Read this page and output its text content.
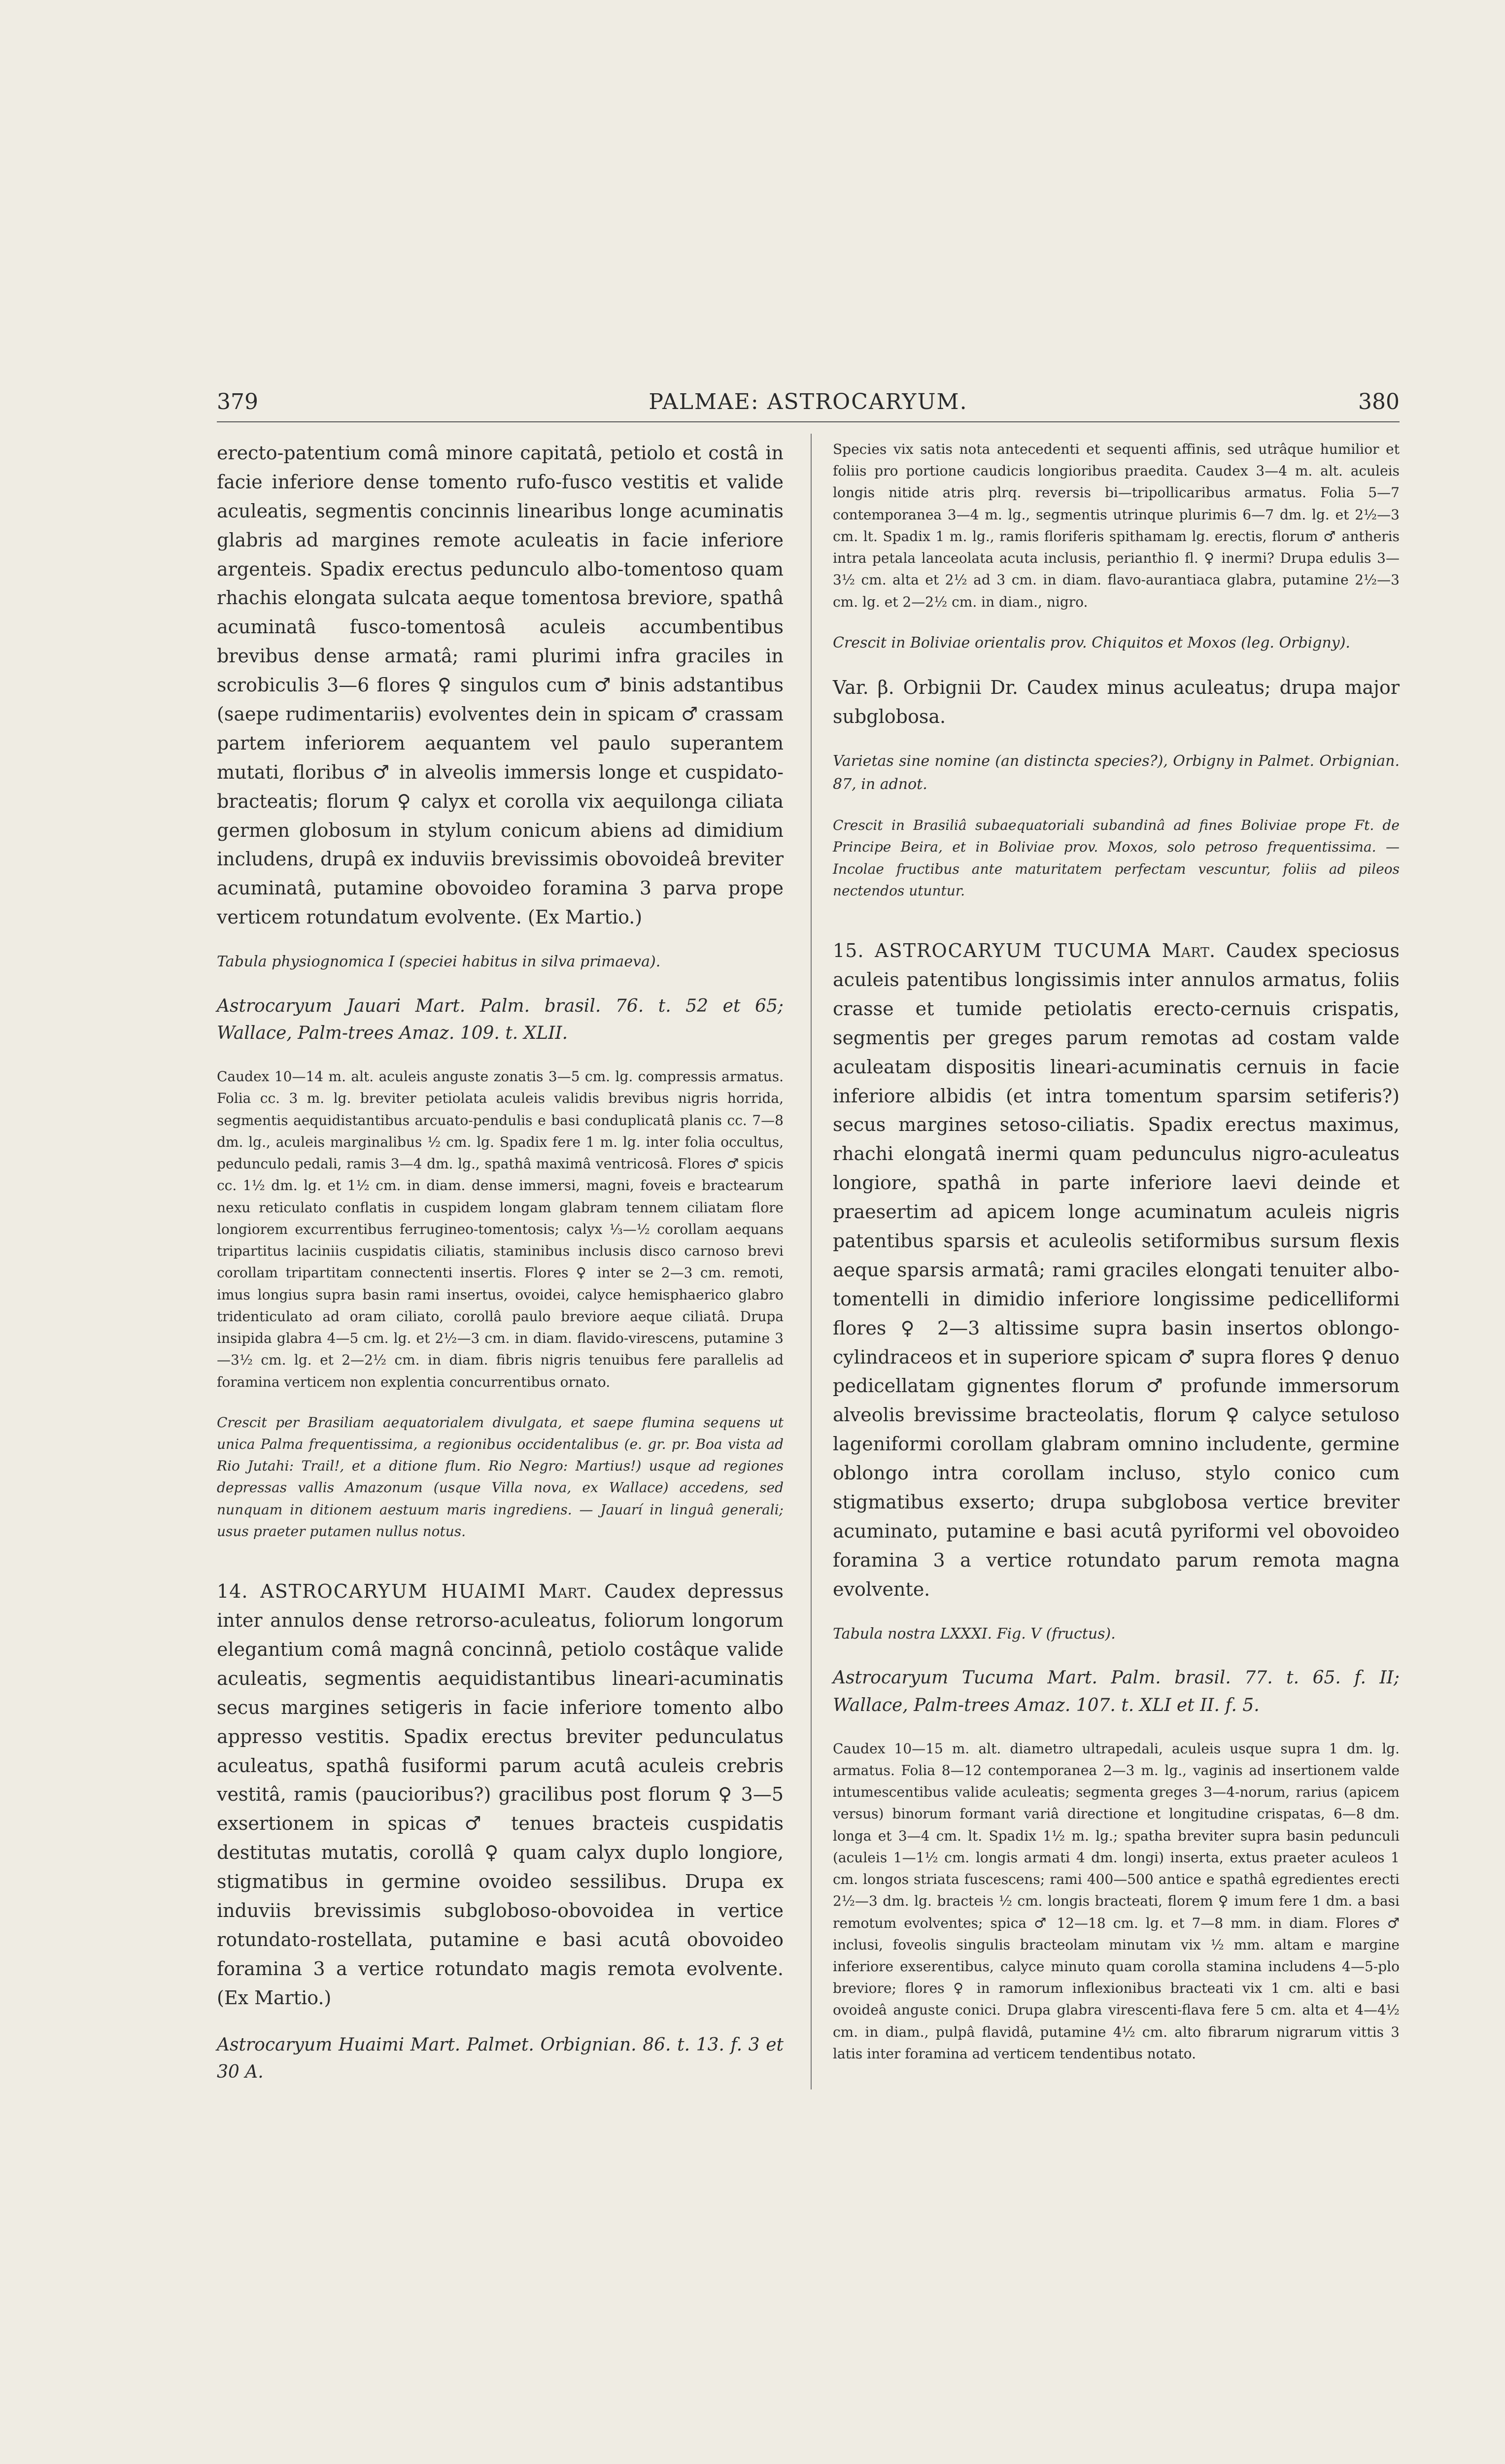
379	PALMAE: ASTROCARYUM.	380

erecto-patentium comâ minore capitatâ, petiolo et costâ in facie inferiore dense tomento rufo-fusco vestitis et valide aculeatis, segmentis concinnis linearibus longe acuminatis glabris ad margines remote aculeatis in facie inferiore argenteis. Spadix erectus pedunculo albo-tomentoso quam rhachis elongata sulcata aeque tomentosa breviore, spathâ acuminatâ fusco-tomentosâ aculeis accumbentibus brevibus dense armatâ; rami plurimi infra graciles in scrobiculis 3—6 flores ♀ singulos cum ♂ binis adstantibus (saepe rudimentariis) evolventes dein in spicam ♂ crassam partem inferiorem aequantem vel paulo superantem mutati, floribus ♂ in alveolis immersis longe et cuspidato-bracteatis; florum ♀ calyx et corolla vix aequilonga ciliata germen globosum in stylum conicum abiens ad dimidium includens, drupâ ex induviis brevissimis obovoideâ breviter acuminatâ, putamine obovoideo foramina 3 parva prope verticem rotundatum evolvente. (Ex Martio.)

Tabula physiognomica I (speciei habitus in silva primaeva).

Astrocaryum Jauari Mart. Palm. brasil. 76. t. 52 et 65; Wallace, Palm-trees Amaz. 109. t. XLII.

Caudex 10—14 m. alt. aculeis anguste zonatis 3—5 cm. lg. compressis armatus. Folia cc. 3 m. lg. breviter petiolata aculeis validis brevibus nigris horrida, segmentis aequidistantibus arcuato-pendulis e basi conduplicatâ planis cc. 7—8 dm. lg., aculeis marginalibus ½ cm. lg. Spadix fere 1 m. lg. inter folia occultus, pedunculo pedali, ramis 3—4 dm. lg., spathâ maximâ ventricosâ. Flores ♂ spicis cc. 1½ dm. lg. et 1½ cm. in diam. dense immersi, magni, foveis e bractearum nexu reticulato conflatis in cuspidem longam glabram tennem ciliatam flore longiorem excurrentibus ferrugineo-tomentosis; calyx ⅓—½ corollam aequans tripartitus laciniis cuspidatis ciliatis, staminibus inclusis disco carnoso brevi corollam tripartitam connectenti insertis. Flores ♀ inter se 2—3 cm. remoti, imus longius supra basin rami insertus, ovoidei, calyce hemisphaerico glabro tridenticulato ad oram ciliato, corollâ paulo breviore aeque ciliatâ. Drupa insipida glabra 4—5 cm. lg. et 2½—3 cm. in diam. flavido-virescens, putamine 3—3½ cm. lg. et 2—2½ cm. in diam. fibris nigris tenuibus fere parallelis ad foramina verticem non explentia concurrentibus ornato.

Crescit per Brasiliam aequatorialem divulgata, et saepe flumina sequens ut unica Palma frequentissima, a regionibus occidentalibus (e. gr. pr. Boa vista ad Rio Jutahi: Trail!, et a ditione flum. Rio Negro: Martius!) usque ad regiones depressas vallis Amazonum (usque Villa nova, ex Wallace) accedens, sed nunquam in ditionem aestuum maris ingrediens. — Jauarí in linguâ generali; usus praeter putamen nullus notus.

14. ASTROCARYUM HUAIMI Mart. Caudex depressus inter annulos dense retrorso-aculeatus, foliorum longorum elegantium comâ magnâ concinnâ, petiolo costâque valide aculeatis, segmentis aequidistantibus lineari-acuminatis secus margines setigeris in facie inferiore tomento albo appresso vestitis. Spadix erectus breviter pedunculatus aculeatus, spathâ fusiformi parum acutâ aculeis crebris vestitâ, ramis (paucioribus?) gracilibus post florum ♀ 3—5 exsertionem in spicas ♂ tenues bracteis cuspidatis destitutas mutatis, corollâ ♀ quam calyx duplo longiore, stigmatibus in germine ovoideo sessilibus. Drupa ex induviis brevissimis subgloboso-obovoidea in vertice rotundato-rostellata, putamine e basi acutâ obovoideo foramina 3 a vertice rotundato magis remota evolvente. (Ex Martio.)

Astrocaryum Huaimi Mart. Palmet. Orbignian. 86. t. 13. f. 3 et 30 A.

Species vix satis nota antecedenti et sequenti affinis, sed utrâque humilior et foliis pro portione caudicis longioribus praedita. Caudex 3—4 m. alt. aculeis longis nitide atris plrq. reversis bi—tripollicaribus armatus. Folia 5—7 contemporanea 3—4 m. lg., segmentis utrinque plurimis 6—7 dm. lg. et 2½—3 cm. lt. Spadix 1 m. lg., ramis floriferis spithamam lg. erectis, florum ♂ antheris intra petala lanceolata acuta inclusis, perianthio fl. ♀ inermi? Drupa edulis 3—3½ cm. alta et 2½ ad 3 cm. in diam. flavo-aurantiaca glabra, putamine 2½—3 cm. lg. et 2—2½ cm. in diam., nigro.

Crescit in Boliviae orientalis prov. Chiquitos et Moxos (leg. Orbigny).

Var. β. Orbignii Dr. Caudex minus aculeatus; drupa major subglobosa.

Varietas sine nomine (an distincta species?), Orbigny in Palmet. Orbignian. 87, in adnot.

Crescit in Brasiliâ subaequatoriali subandinâ ad fines Boliviae prope Ft. de Principe Beira, et in Boliviae prov. Moxos, solo petroso frequentissima. — Incolae fructibus ante maturitatem perfectam vescuntur, foliis ad pileos nectendos utuntur.

15. ASTROCARYUM TUCUMA Mart. Caudex speciosus aculeis patentibus longissimis inter annulos armatus, foliis crasse et tumide petiolatis erecto-cernuis crispatis, segmentis per greges parum remotas ad costam valde aculeatam dispositis lineari-acuminatis cernuis in facie inferiore albidis (et intra tomentum sparsim setiferis?) secus margines setoso-ciliatis. Spadix erectus maximus, rhachi elongatâ inermi quam pedunculus nigro-aculeatus longiore, spathâ in parte inferiore laevi deinde et praesertim ad apicem longe acuminatum aculeis nigris patentibus sparsis et aculeolis setiformibus sursum flexis aeque sparsis armatâ; rami graciles elongati tenuiter albo-tomentelli in dimidio inferiore longissime pedicelliformi flores ♀ 2—3 altissime supra basin insertos oblongo-cylindraceos et in superiore spicam ♂ supra flores ♀ denuo pedicellatam gignentes florum ♂ profunde immersorum alveolis brevissime bracteolatis, florum ♀ calyce setuloso lageniformi corollam glabram omnino includente, germine oblongo intra corollam incluso, stylo conico cum stigmatibus exserto; drupa subglobosa vertice breviter acuminato, putamine e basi acutâ pyriformi vel obovoideo foramina 3 a vertice rotundato parum remota magna evolvente.

Tabula nostra LXXXI. Fig. V (fructus).

Astrocaryum Tucuma Mart. Palm. brasil. 77. t. 65. f. II; Wallace, Palm-trees Amaz. 107. t. XLI et II. f. 5.

Caudex 10—15 m. alt. diametro ultrapedali, aculeis usque supra 1 dm. lg. armatus. Folia 8—12 contemporanea 2—3 m. lg., vaginis ad insertionem valde intumescentibus valide aculeatis; segmenta greges 3—4-norum, rarius (apicem versus) binorum formant variâ directione et longitudine crispatas, 6—8 dm. longa et 3—4 cm. lt. Spadix 1½ m. lg.; spatha breviter supra basin pedunculi (aculeis 1—1½ cm. longis armati 4 dm. longi) inserta, extus praeter aculeos 1 cm. longos striata fuscescens; rami 400—500 antice e spathâ egredientes erecti 2½—3 dm. lg. bracteis ½ cm. longis bracteati, florem ♀ imum fere 1 dm. a basi remotum evolventes; spica ♂ 12—18 cm. lg. et 7—8 mm. in diam. Flores ♂ inclusi, foveolis singulis bracteolam minutam vix ½ mm. altam e margine inferiore exserentibus, calyce minuto quam corolla staminа includens 4—5-plo breviore; flores ♀ in ramorum inflexionibus bracteati vix 1 cm. alti e basi ovoideâ anguste conici. Drupa glabra virescenti-flava fere 5 cm. alta et 4—4½ cm. in diam., pulpâ flavidâ, putamine 4½ cm. alto fibrarum nigrarum vittis 3 latis inter foramina ad verticem tendentibus notato.
